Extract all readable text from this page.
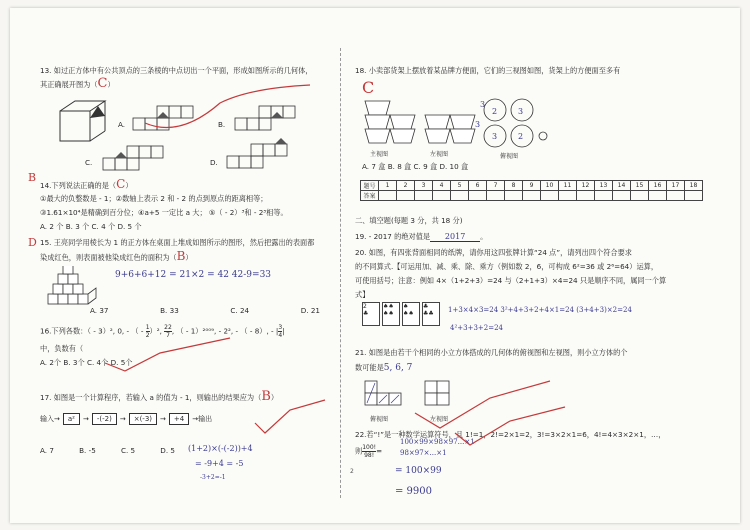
13. 如过正方体中有公共顶点的三条棱的中点切出一个平面，形成如图所示的几何体，
其正确展开图为（C）
A.	B.
C.	D.
B
14.下列说法正确的是（C）
①最大的负整数是 - 1；②数轴上表示 2 和 - 2 的点到原点的距离相等；
③1.61×10⁴是精确到百分位；④a+5 一定比 a 大； ⑤（ - 2）³和 - 2³相等。
A. 2 个 B. 3 个 C. 4 个 D. 5 个
D 15. 王亮同学用棱长为 1 的正方体在桌面上堆成如图所示的图形，然后把露出的表面都
染成红色，则表面被他染成红色的面积为（B）
9+6+6+12 = 21×2 = 42 42-9=33
A. 37	B. 33	C. 24	D. 21
16.下列各数：（ - 3）², 0, - （ - $\frac{1}{2} )^2$, $\frac{22}{7}$ , （ - 1）²⁰⁰⁹, - 2², - （ - 8）, - | $\frac{3}{4}$ |
中，负数有（
A. 2个 B. 3个 C. 4个 D. 5个
17. 如图是一个计算程序，若输入 a 的值为 - 1，则输出的结果应为（B）
输入 →	a²	→	-(-2)	→	×(-3)	→	+4	→ 输出
A. 7	B. -5	C. 5	D. 5 (1+2)×(-(-2))+4
= -9+4 = -5
-3+2=-1
18. 小卖部货架上摆放着某品牌方便面，它们的三视图如图，货架上的方便面至多有
C
主视图	左视图
3
2	3
3	2
3
俯视图
A. 7 盒 B. 8 盒 C. 9 盒 D. 10 盒
题号	1	2	3	4	5	6	7	8	9	10	11	12	13	14	15	16	17	18
答案																		
二、填空题(每题 3 分，共 18 分)
19. - 2017 的绝对值是 2017 。
20. 如图，有四张背面相同的纸牌，请你用这四张牌计算“24 点”，请列出四个符合要求
的不同算式.【可运用加、减、乘、除、乘方（例如数 2，6，可构成 6²=36 或 2⁶=64）运算，
可使用括号；注意：例如 4×（1+2+3）=24 与（2+1+3）×4=24 只是顺序不同，属同一个算
式】
2
♣
♠♠
♠♠
♠
♠♠
♣
♣♣	1+3×4×3=24 3²+4+3+2+4×1=24 (3+4+3)×2=24
4²+3+3+2=24
21. 如图是由若干个相同的小立方体搭成的几何体的俯视图和左视图，则小立方体的个
数可能是5, 6, 7
俯视图	左视图
22.若“!”是一种数学运算符号，且 1!=1，2!=2×1=2，3!=3×2×1=6，4!=4×3×2×1，…，
则 $\frac{100!}{98!}$ =
100×99×98×97...×1
98×97×...×1
= 100×99
= 9900
2
